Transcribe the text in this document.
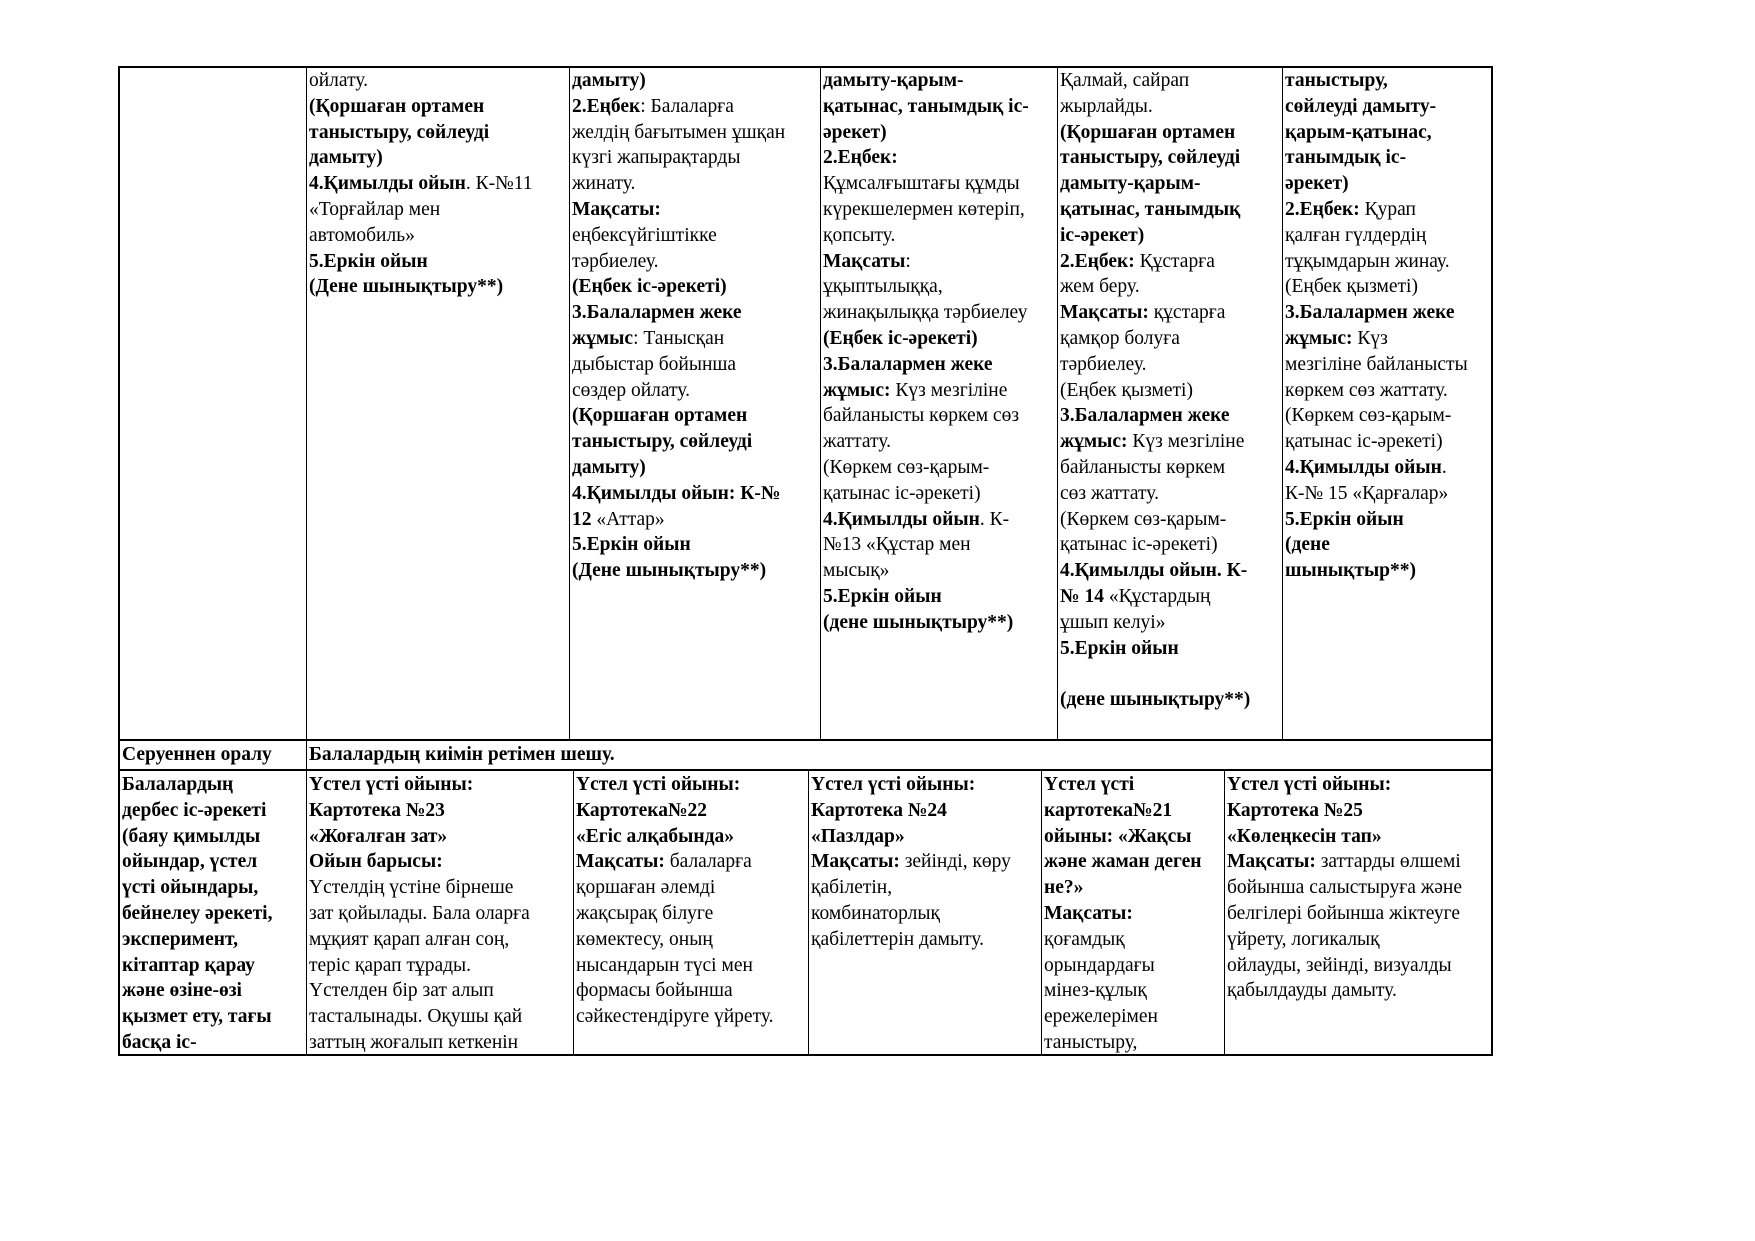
ойлату.
(Қоршаған ортамен
таныстыру, сөйлеуді
дамыту)
4.Қимылды ойын. К-№11
«Торғайлар мен
автомобиль»
5.Еркін ойын
(Дене шынықтыру**)
дамыту)
2.Еңбек: Балаларға
желдің бағытымен ұшқан
күзгі жапырақтарды
жинату.
Мақсаты:
еңбексүйгіштікке
тәрбиелеу.
(Еңбек іс-әрекеті)
3.Балалармен жеке
жұмыс: Танысқан
дыбыстар бойынша
сөздер ойлату.
(Қоршаған ортамен
таныстыру, сөйлеуді
дамыту)
4.Қимылды ойын: К-№
12 «Аттар»
5.Еркін ойын
(Дене шынықтыру**)
дамыту-қарым-
қатынас, танымдық іс-
әрекет)
2.Еңбек:
Құмсалғыштағы құмды
күрекшелермен көтеріп,
қопсыту.
Мақсаты:
ұқыптылыққа,
жинақылыққа тәрбиелеу
(Еңбек іс-әрекеті)
3.Балалармен жеке
жұмыс: Күз мезгіліне
байланысты көркем сөз
жаттату.
(Көркем сөз-қарым-
қатынас іс-әрекеті)
4.Қимылды ойын. К-
№13 «Құстар мен
мысық»
5.Еркін ойын
(дене шынықтыру**)
Қалмай, сайрап
жырлайды.
(Қоршаған ортамен
таныстыру, сөйлеуді
дамыту-қарым-
қатынас, танымдық
іс-әрекет)
2.Еңбек: Құстарға
жем беру.
Мақсаты: құстарға
қамқор болуға
тәрбиелеу.
(Еңбек қызметі)
3.Балалармен жеке
жұмыс: Күз мезгіліне
байланысты көркем
сөз жаттату.
(Көркем сөз-қарым-
қатынас іс-әрекеті)
4.Қимылды ойын. К-
№ 14 «Құстардың
ұшып келуі»
5.Еркін ойын

(дене шынықтыру**)
таныстыру,
сөйлеуді дамыту-
қарым-қатынас,
танымдық іс-
әрекет)
2.Еңбек: Қурап
қалған гүлдердің
тұқымдарын жинау.
(Еңбек қызметі)
3.Балалармен жеке
жұмыс: Күз
мезгіліне байланысты
көркем сөз жаттату.
(Көркем сөз-қарым-
қатынас іс-әрекеті)
4.Қимылды ойын.
К-№ 15 «Қарғалар»
5.Еркін ойын
(дене
шынықтыр**)
Серуеннен оралу	Балалардың киімін ретімен шешу.
Балалардың
дербес іс-әрекеті
(баяу қимылды
ойындар, үстел
үсті ойындары,
бейнелеу әрекеті,
эксперимент,
кітаптар қарау
және өзіне-өзі
қызмет ету, тағы
басқа іс-
Үстел үсті ойыны:
Картотека №23
«Жоғалған зат»
Ойын барысы:
Үстелдің үстіне бірнеше
зат қойылады. Бала оларға
мұқият қарап алған соң,
теріс қарап тұрады.
Үстелден бір зат алып
тасталынады. Оқушы қай
заттың жоғалып кеткенін
Үстел үсті ойыны:
Картотека№22
«Егіс алқабында»
Мақсаты: балаларға
қоршаған әлемді
жақсырақ білуге
көмектесу, оның
нысандарын түсі мен
формасы бойынша
сәйкестендіруге үйрету.
Үстел үсті ойыны:
Картотека №24
«Пазлдар»
Мақсаты: зейінді, көру
қабілетін,
комбинаторлық
қабілеттерін дамыту.
Үстел үсті
картотека№21
ойыны: «Жақсы
және жаман деген
не?»
Мақсаты:
қоғамдық
орындардағы
мінез-құлық
ережелерімен
таныстыру,
Үстел үсті ойыны:
Картотека №25
«Көлеңкесін тап»
Мақсаты: заттарды өлшемі
бойынша салыстыруға және
белгілері бойынша жіктеуге
үйрету, логикалық
ойлауды, зейінді, визуалды
қабылдауды дамыту.
